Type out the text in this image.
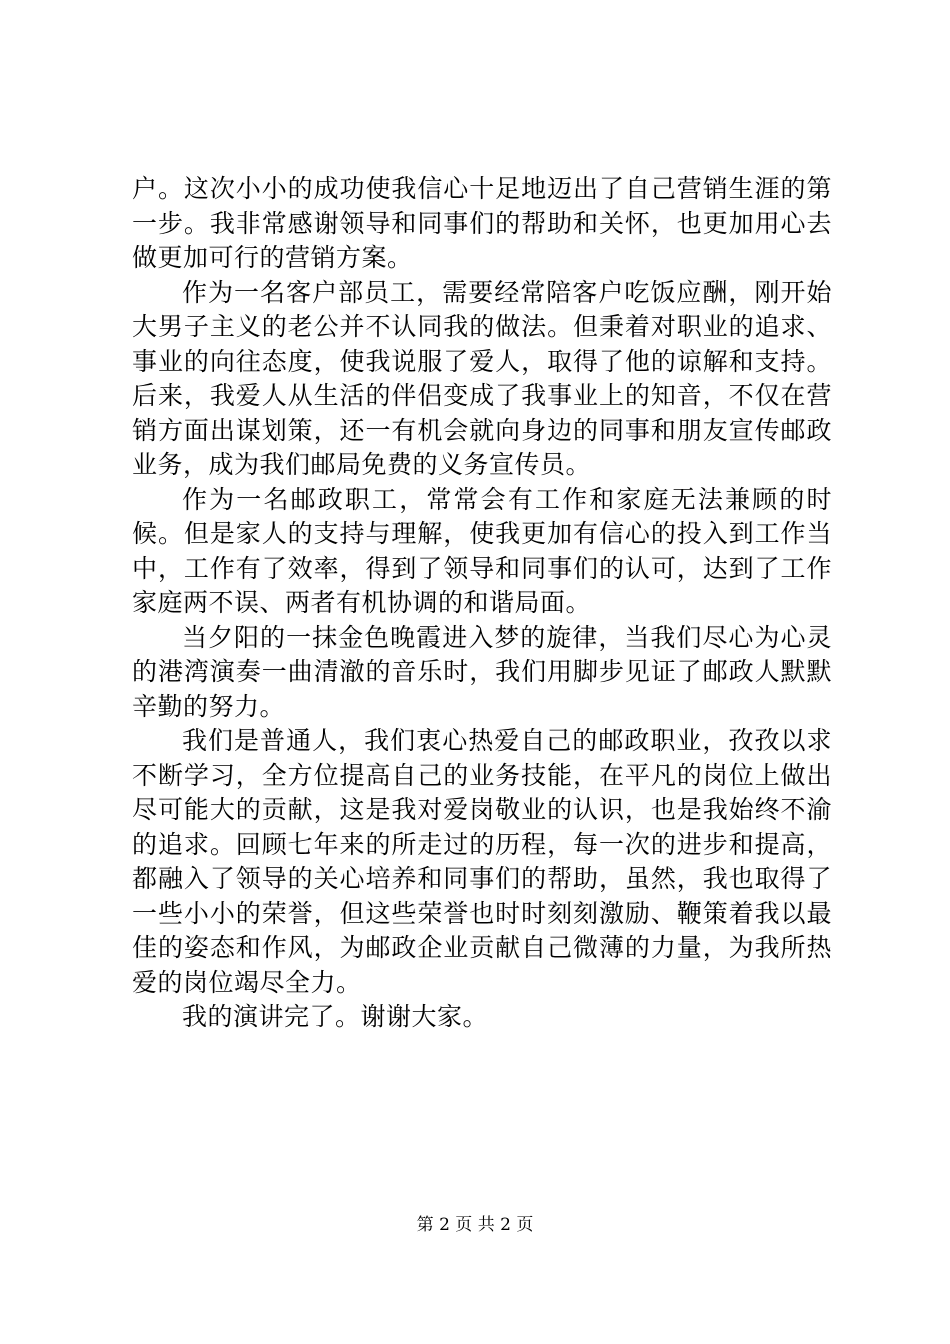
户。这次小小的成功使我信心十足地迈出了自己营销生涯的第一步。我非常感谢领导和同事们的帮助和关怀，也更加用心去做更加可行的营销方案。

作为一名客户部员工，需要经常陪客户吃饭应酬，刚开始大男子主义的老公并不认同我的做法。但秉着对职业的追求、事业的向往态度，使我说服了爱人，取得了他的谅解和支持。后来，我爱人从生活的伴侣变成了我事业上的知音，不仅在营销方面出谋划策，还一有机会就向身边的同事和朋友宣传邮政业务，成为我们邮局免费的义务宣传员。

作为一名邮政职工，常常会有工作和家庭无法兼顾的时候。但是家人的支持与理解，使我更加有信心的投入到工作当中，工作有了效率，得到了领导和同事们的认可，达到了工作家庭两不误、两者有机协调的和谐局面。

当夕阳的一抹金色晚霞进入梦的旋律，当我们尽心为心灵的港湾演奏一曲清澈的音乐时，我们用脚步见证了邮政人默默辛勤的努力。

我们是普通人，我们衷心热爱自己的邮政职业，孜孜以求不断学习，全方位提高自己的业务技能，在平凡的岗位上做出尽可能大的贡献，这是我对爱岗敬业的认识，也是我始终不渝的追求。回顾七年来的所走过的历程，每一次的进步和提高，都融入了领导的关心培养和同事们的帮助，虽然，我也取得了一些小小的荣誉，但这些荣誉也时时刻刻激励、鞭策着我以最佳的姿态和作风，为邮政企业贡献自己微薄的力量，为我所热爱的岗位竭尽全力。

我的演讲完了。谢谢大家。

第 2 页 共 2 页
